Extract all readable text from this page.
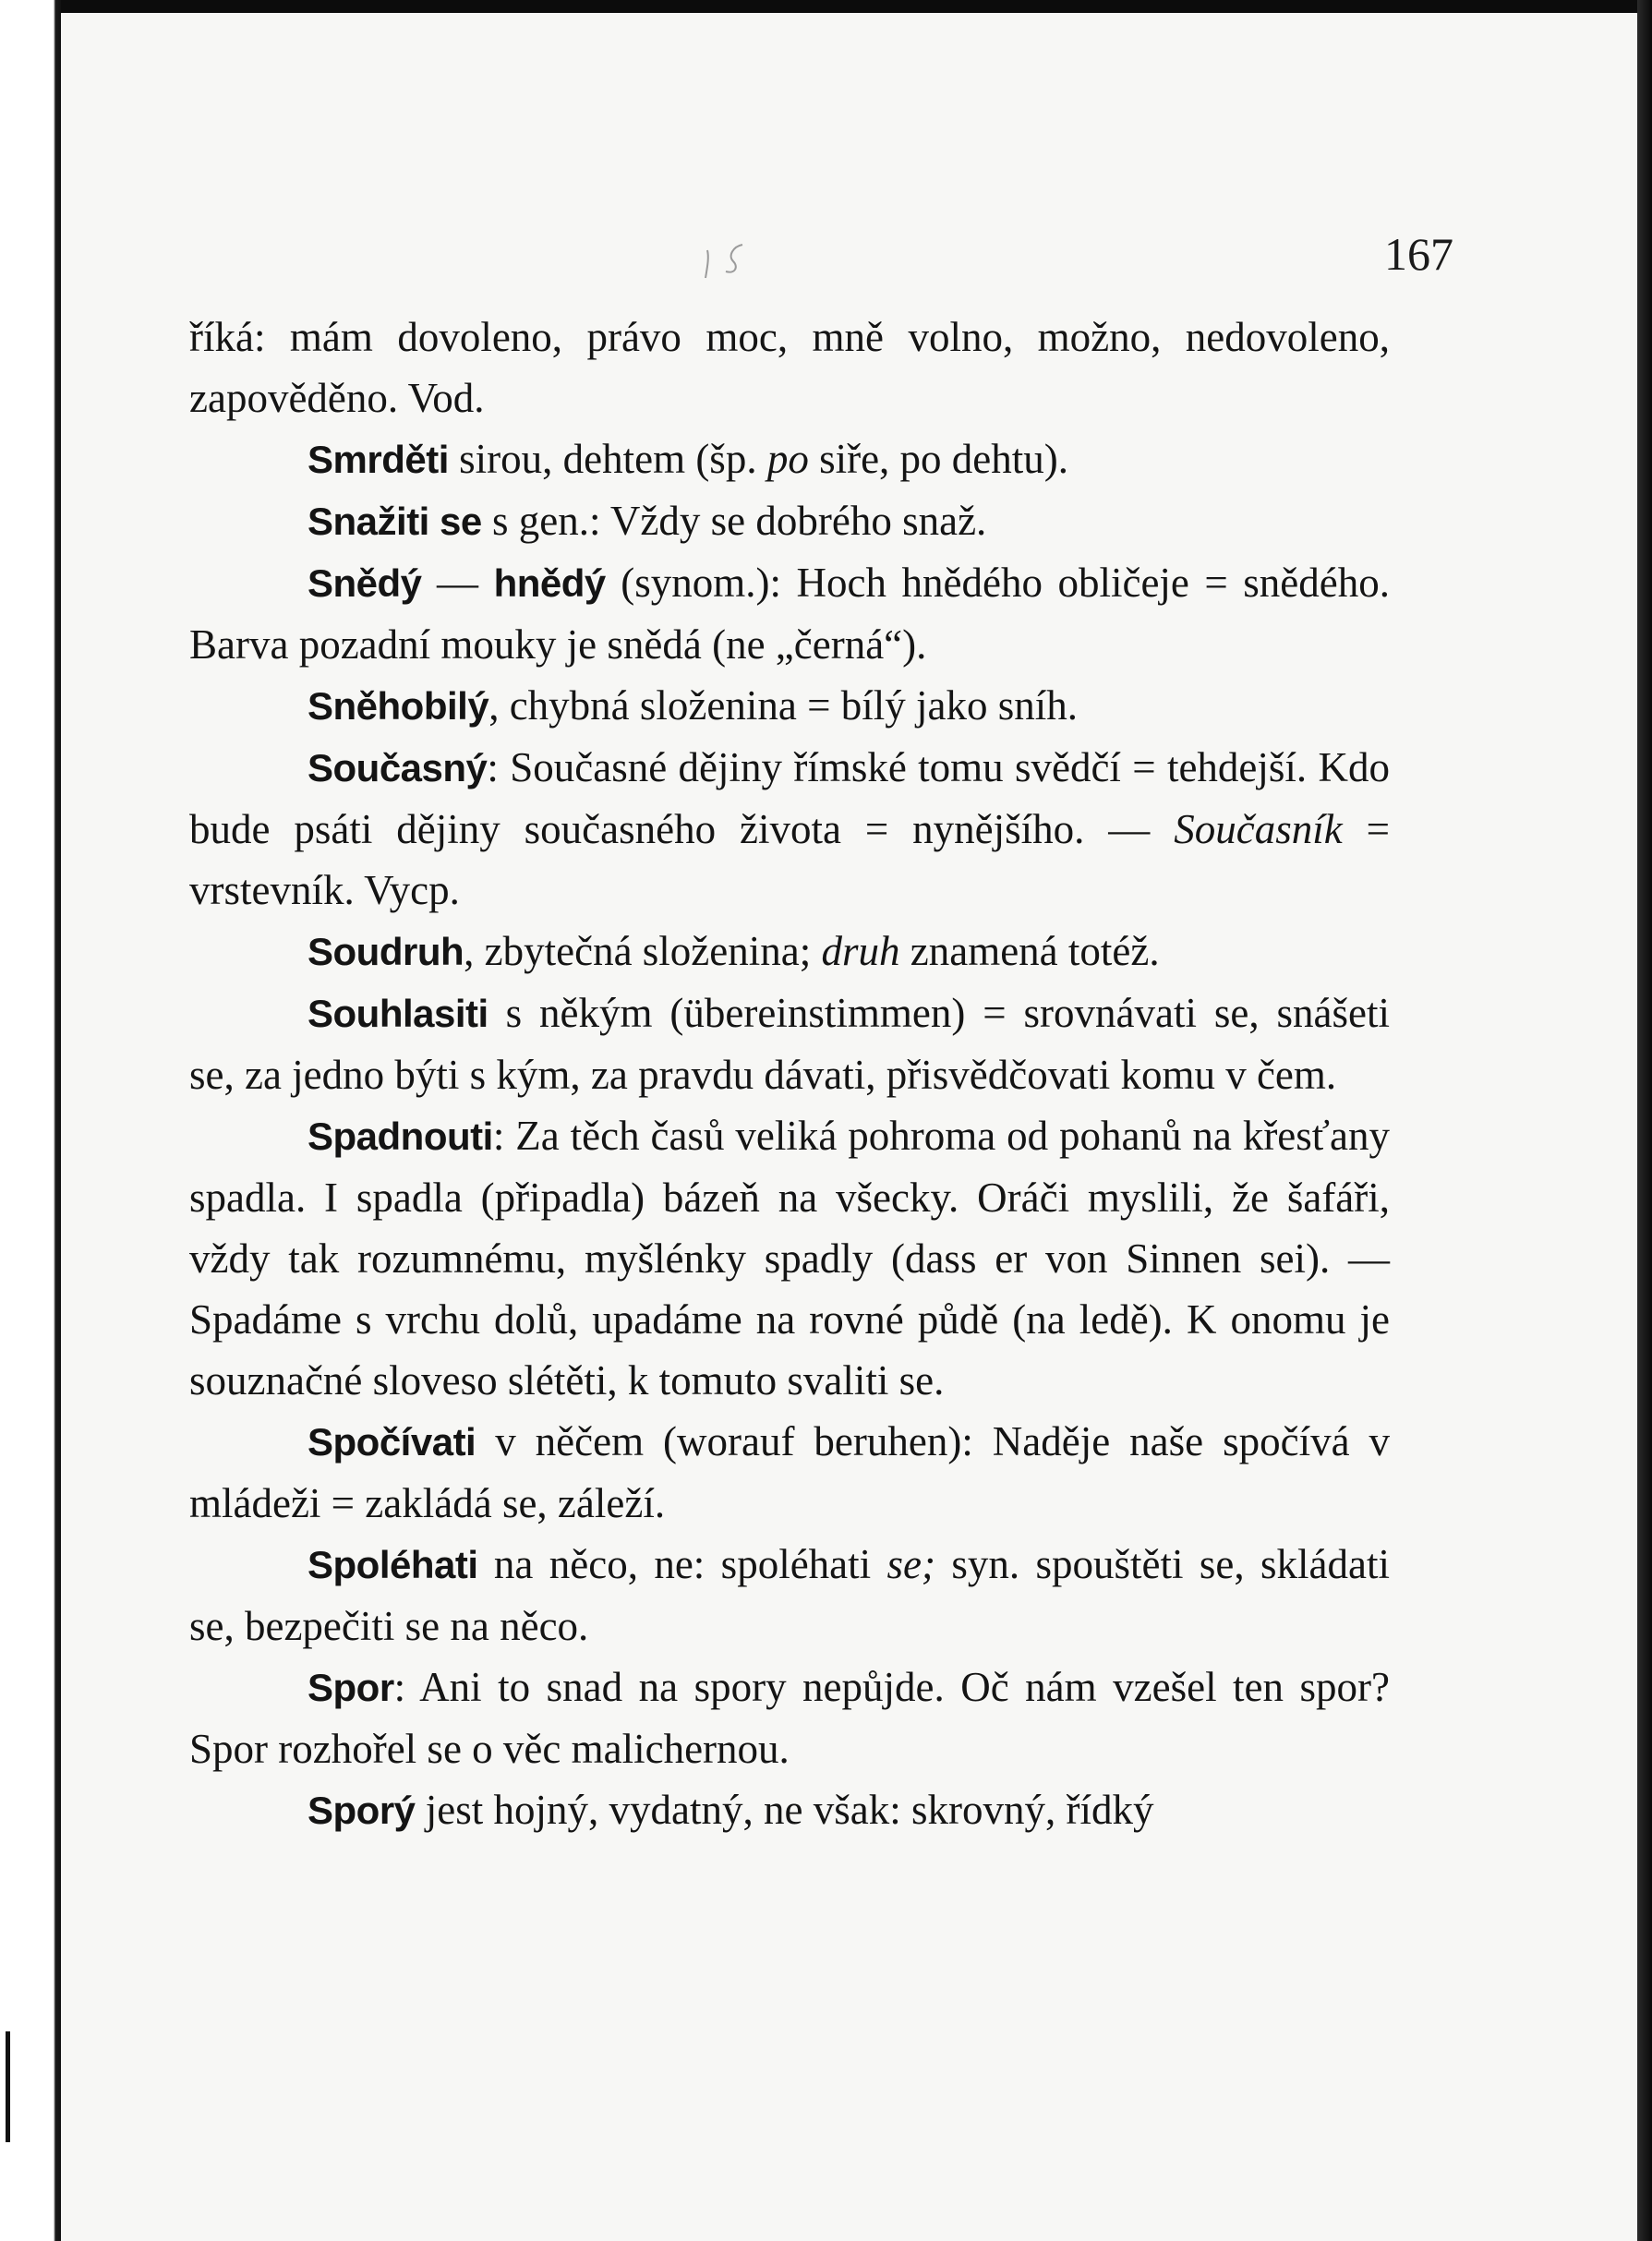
167

říká: mám dovoleno, právo moc, mně volno, možno, nedovoleno, zapověděno. Vod.

Smrděti sirou, dehtem (šp. po siře, po dehtu).

Snažiti se s gen.: Vždy se dobrého snaž.

Snědý — hnědý (synom.): Hoch hnědého obličeje = snědého. Barva pozadní mouky je snědá (ne „černá“).

Sněhobilý, chybná složenina = bílý jako sníh.

Současný: Současné dějiny římské tomu svědčí = tehdejší. Kdo bude psáti dějiny současného života = nynějšího. — Současník = vrstevník. Vycp.

Soudruh, zbytečná složenina; druh znamená totéž.

Souhlasiti s někým (übereinstimmen) = srovnávati se, snášeti se, za jedno býti s kým, za pravdu dávati, přisvědčovati komu v čem.

Spadnouti: Za těch časů veliká pohroma od pohanů na křesťany spadla. I spadla (připadla) bázeň na všecky. Oráči myslili, že šafáři, vždy tak rozumnému, myšlénky spadly (dass er von Sinnen sei). — Spadáme s vrchu dolů, upadáme na rovné půdě (na ledě). K onomu je souznačné sloveso slétěti, k tomuto svaliti se.

Spočívati v něčem (worauf beruhen): Naděje naše spočívá v mládeži = zakládá se, záleží.

Spoléhati na něco, ne: spoléhati se; syn. spouštěti se, skládati se, bezpečiti se na něco.

Spor: Ani to snad na spory nepůjde. Oč nám vzešel ten spor? Spor rozhořel se o věc malichernou.

Sporý jest hojný, vydatný, ne však: skrovný, řídký
